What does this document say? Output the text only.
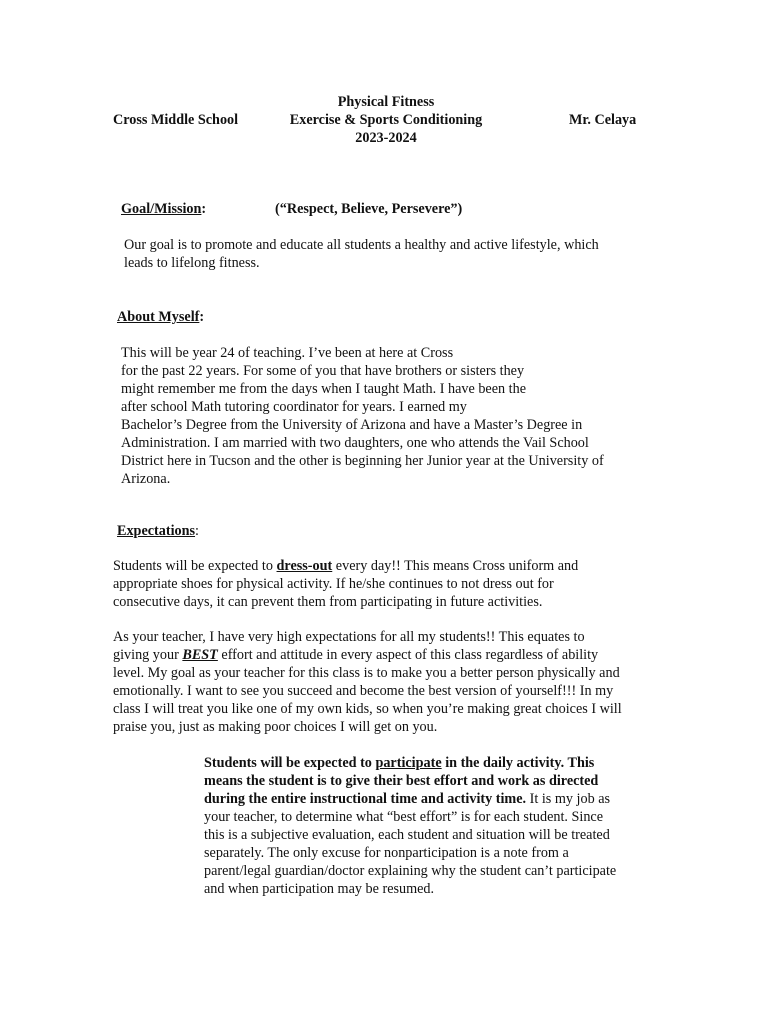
Cross Middle School
Physical Fitness
Exercise & Sports Conditioning
2023-2024
Mr. Celaya
Goal/Mission:	(“Respect, Believe, Persevere”)
Our goal is to promote and educate all students a healthy and active lifestyle, which
leads to lifelong fitness.
About Myself:
This will be year 24 of teaching. I’ve been at here at Cross
for the past 22 years. For some of you that have brothers or sisters they
might remember me from the days when I taught Math. I have been the
after school Math tutoring coordinator for years. I earned my
Bachelor’s Degree from the University of Arizona and have a Master’s Degree in
Administration. I am married with two daughters, one who attends the Vail School
District here in Tucson and the other is beginning her Junior year at the University of
Arizona.
Expectations:
Students will be expected to dress-out every day!! This means Cross uniform and
appropriate shoes for physical activity. If he/she continues to not dress out for
consecutive days, it can prevent them from participating in future activities.
As your teacher, I have very high expectations for all my students!! This equates to
giving your BEST effort and attitude in every aspect of this class regardless of ability
level. My goal as your teacher for this class is to make you a better person physically and
emotionally. I want to see you succeed and become the best version of yourself!!! In my
class I will treat you like one of my own kids, so when you’re making great choices I will
praise you, just as making poor choices I will get on you.
Students will be expected to participate in the daily activity. This
means the student is to give their best effort and work as directed
during the entire instructional time and activity time. It is my job as
your teacher, to determine what “best effort” is for each student. Since
this is a subjective evaluation, each student and situation will be treated
separately. The only excuse for nonparticipation is a note from a
parent/legal guardian/doctor explaining why the student can’t participate
and when participation may be resumed.
